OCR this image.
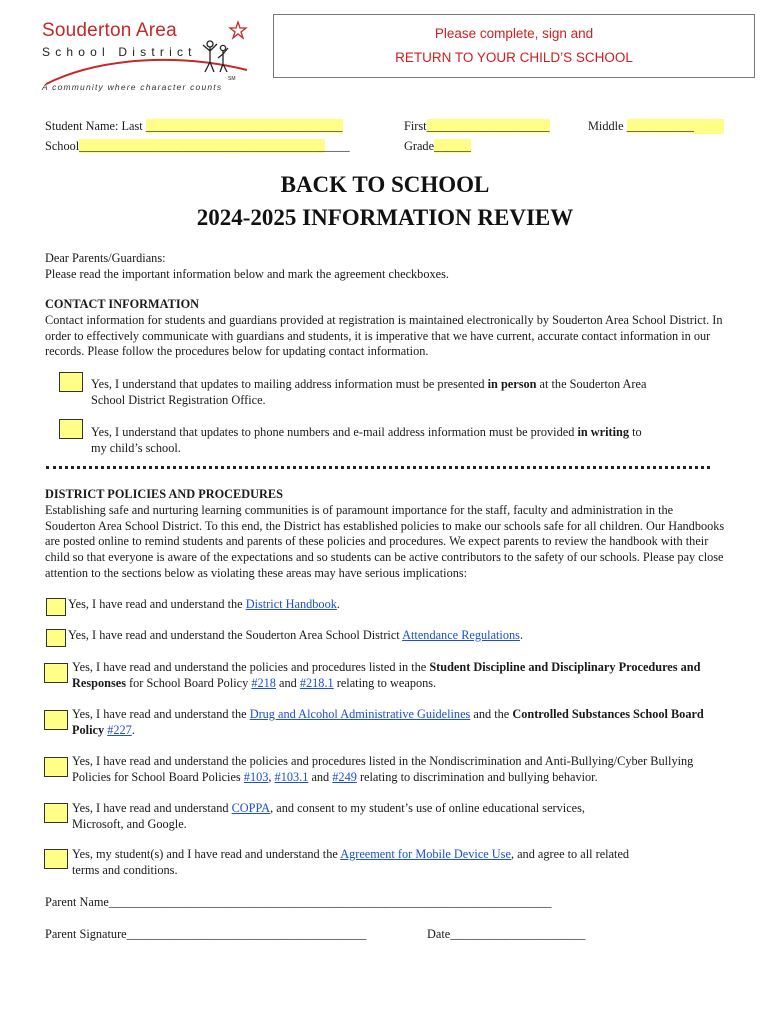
Souderton Area
School District
SM
A community where character counts
Please complete, sign and
RETURN TO YOUR CHILD’S SCHOOL
Student Name: Last ________________________________	First____________________	Middle ___________
School____________________________________________	Grade______
BACK TO SCHOOL
2024-2025 INFORMATION REVIEW

Dear Parents/Guardians:

Please read the important information below and mark the agreement checkboxes.

CONTACT INFORMATION

Contact information for students and guardians provided at registration is maintained electronically by Souderton Area School District. In order to effectively communicate with guardians and students, it is imperative that we have current, accurate contact information in our records. Please follow the procedures below for updating contact information.

Yes, I understand that updates to mailing address information must be presented in person at the Souderton Area School District Registration Office.
Yes, I understand that updates to phone numbers and e-mail address information must be provided in writing to my child’s school.

DISTRICT POLICIES AND PROCEDURES

Establishing safe and nurturing learning communities is of paramount importance for the staff, faculty and administration in the Souderton Area School District. To this end, the District has established policies to make our schools safe for all children. Our Handbooks are posted online to remind students and parents of these policies and procedures. We expect parents to review the handbook with their child so that everyone is aware of the expectations and so students can be active contributors to the safety of our schools. Please pay close attention to the sections below as violating these areas may have serious implications:

Yes, I have read and understand the District Handbook.
Yes, I have read and understand the Souderton Area School District Attendance Regulations.
Yes, I have read and understand the policies and procedures listed in the Student Discipline and Disciplinary Procedures and Responses for School Board Policy #218 and #218.1 relating to weapons.
Yes, I have read and understand the Drug and Alcohol Administrative Guidelines and the Controlled Substances School Board Policy #227.
Yes, I have read and understand the policies and procedures listed in the Nondiscrimination and Anti-Bullying/Cyber Bullying Policies for School Board Policies #103, #103.1 and #249 relating to discrimination and bullying behavior.
Yes, I have read and understand COPPA, and consent to my student’s use of online educational services, Microsoft, and Google.
Yes, my student(s) and I have read and understand the Agreement for Mobile Device Use, and agree to all related terms and conditions.
Parent Name________________________________________________________________________
Parent Signature_______________________________________	Date______________________
